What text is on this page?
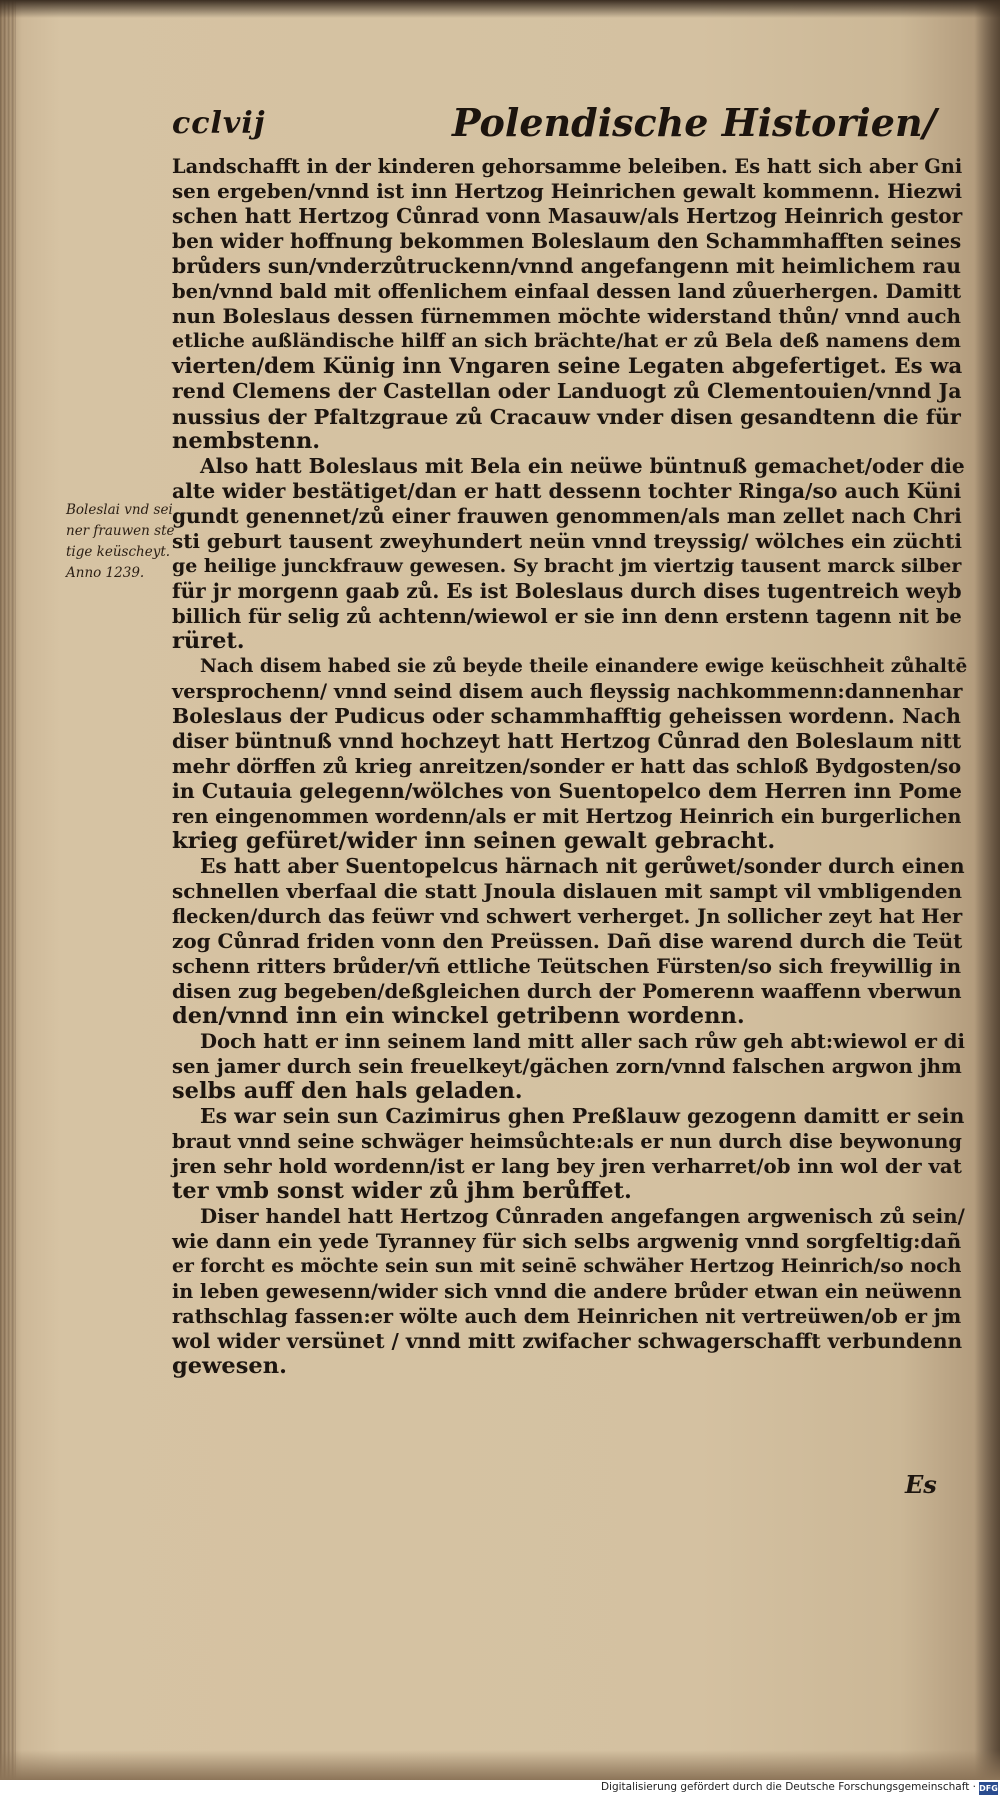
cclvij	Polendische Historien/
Boleslai vnd sei
ner frauwen ste
tige keüscheyt.
Anno 1239.
Landschafft in der kinderen gehorsamme beleiben. Es hatt sich aber Gni
sen ergeben/vnnd ist inn Hertzog Heinrichen gewalt kommenn. Hiezwi
schen hatt Hertzog Cůnrad vonn Masauw/als Hertzog Heinrich gestor
ben wider hoffnung bekommen Boleslaum den Schammhafften seines
brůders sun/vnderzůtruckenn/vnnd angefangenn mit heimlichem rau
ben/vnnd bald mit offenlichem einfaal dessen land zůuerhergen. Damitt
nun Boleslaus dessen fürnemmen möchte widerstand thůn/ vnnd auch
etliche außländische hilff an sich brächte/hat er zů Bela deß namens dem
vierten/dem Künig inn Vngaren seine Legaten abgefertiget. Es wa
rend Clemens der Castellan oder Landuogt zů Clementouien/vnnd Ja
nussius der Pfaltzgraue zů Cracauw vnder disen gesandtenn die für
nembstenn.
Also hatt Boleslaus mit Bela ein neüwe büntnuß gemachet/oder die
alte wider bestätiget/dan er hatt dessenn tochter Ringa/so auch Küni
gundt genennet/zů einer frauwen genommen/als man zellet nach Chri
sti geburt tausent zweyhundert neün vnnd treyssig/ wölches ein züchti
ge heilige junckfrauw gewesen. Sy bracht jm viertzig tausent marck silber
für jr morgenn gaab zů. Es ist Boleslaus durch dises tugentreich weyb
billich für selig zů achtenn/wiewol er sie inn denn erstenn tagenn nit be
rüret.
Nach disem habed sie zů beyde theile einandere ewige keüschheit zůhaltē
versprochenn/ vnnd seind disem auch fleyssig nachkommenn:dannenhar
Boleslaus der Pudicus oder schammhafftig geheissen wordenn. Nach
diser büntnuß vnnd hochzeyt hatt Hertzog Cůnrad den Boleslaum nitt
mehr dörffen zů krieg anreitzen/sonder er hatt das schloß Bydgosten/so
in Cutauia gelegenn/wölches von Suentopelco dem Herren inn Pome
ren eingenommen wordenn/als er mit Hertzog Heinrich ein burgerlichen
krieg gefüret/wider inn seinen gewalt gebracht.
Es hatt aber Suentopelcus härnach nit gerůwet/sonder durch einen
schnellen vberfaal die statt Jnoula dislauen mit sampt vil vmbligenden
flecken/durch das feüwr vnd schwert verherget. Jn sollicher zeyt hat Her
zog Cůnrad friden vonn den Preüssen. Dañ dise warend durch die Teüt
schenn ritters brůder/vñ ettliche Teütschen Fürsten/so sich freywillig in
disen zug begeben/deßgleichen durch der Pomerenn waaffenn vberwun
den/vnnd inn ein winckel getribenn wordenn.
Doch hatt er inn seinem land mitt aller sach růw geh abt:wiewol er di
sen jamer durch sein freuelkeyt/gächen zorn/vnnd falschen argwon jhm
selbs auff den hals geladen.
Es war sein sun Cazimirus ghen Preßlauw gezogenn damitt er sein
braut vnnd seine schwäger heimsůchte:als er nun durch dise beywonung
jren sehr hold wordenn/ist er lang bey jren verharret/ob inn wol der vat
ter vmb sonst wider zů jhm berůffet.
Diser handel hatt Hertzog Cůnraden angefangen argwenisch zů sein/
wie dann ein yede Tyranney für sich selbs argwenig vnnd sorgfeltig:dañ
er forcht es möchte sein sun mit seinē schwäher Hertzog Heinrich/so noch
in leben gewesenn/wider sich vnnd die andere brůder etwan ein neüwenn
rathschlag fassen:er wölte auch dem Heinrichen nit vertreüwen/ob er jm
wol wider versünet / vnnd mitt zwifacher schwagerschafft verbundenn
gewesen.
Es
Digitalisierung gefördert durch die Deutsche Forschungsgemeinschaft · DFG
